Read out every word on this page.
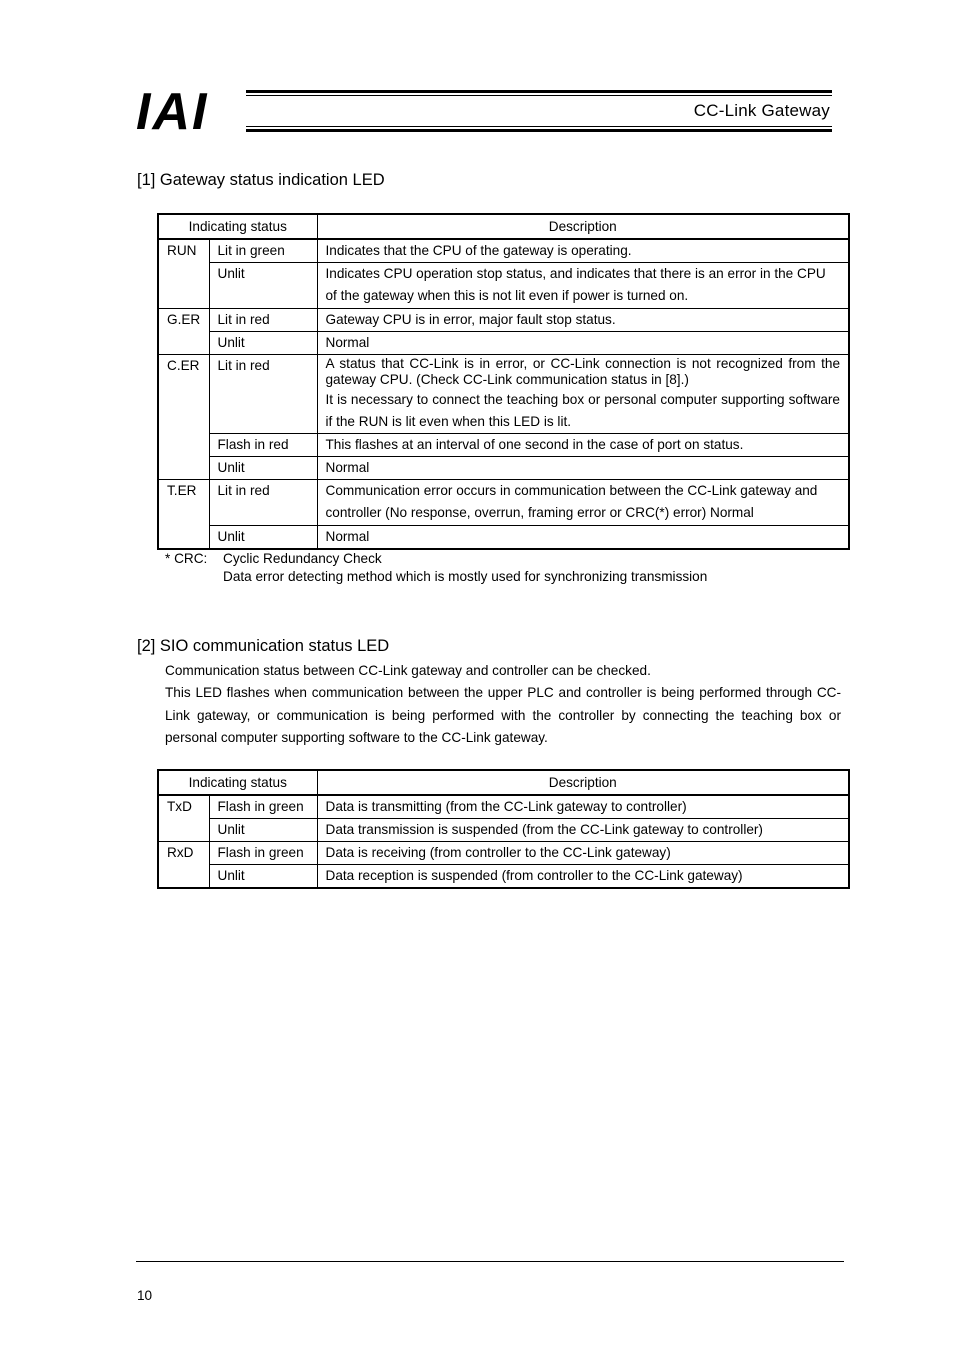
IAI	CC-Link Gateway
[1] Gateway status indication LED
Indicating status		Description
RUN	Lit in green	Indicates that the CPU of the gateway is operating.
	Unlit	Indicates CPU operation stop status, and indicates that there is an error in the CPU of the gateway when this is not lit even if power is turned on.
G.ER	Lit in red	Gateway CPU is in error, major fault stop status.
	Unlit	Normal
C.ER	Lit in red	A status that CC-Link is in error, or CC-Link connection is not recognized from the gateway CPU. (Check CC-Link communication status in [8].)
It is necessary to connect the teaching box or personal computer supporting software if the RUN is lit even when this LED is lit.

	Flash in red	This flashes at an interval of one second in the case of port on status.
	Unlit	Normal
T.ER	Lit in red	Communication error occurs in communication between the CC-Link gateway and controller (No response, overrun, framing error or CRC(*) error) Normal
	Unlit	Normal
* CRC: Cyclic Redundancy Check
Data error detecting method which is mostly used for synchronizing transmission
[2] SIO communication status LED
Communication status between CC-Link gateway and controller can be checked.
This LED flashes when communication between the upper PLC and controller is being performed through CC-Link gateway, or communication is being performed with the controller by connecting the teaching box or personal computer supporting software to the CC-Link gateway.
Indicating status		Description
TxD	Flash in green	Data is transmitting (from the CC-Link gateway to controller)
	Unlit	Data transmission is suspended (from the CC-Link gateway to controller)
RxD	Flash in green	Data is receiving (from controller to the CC-Link gateway)
	Unlit	Data reception is suspended (from controller to the CC-Link gateway)
10
